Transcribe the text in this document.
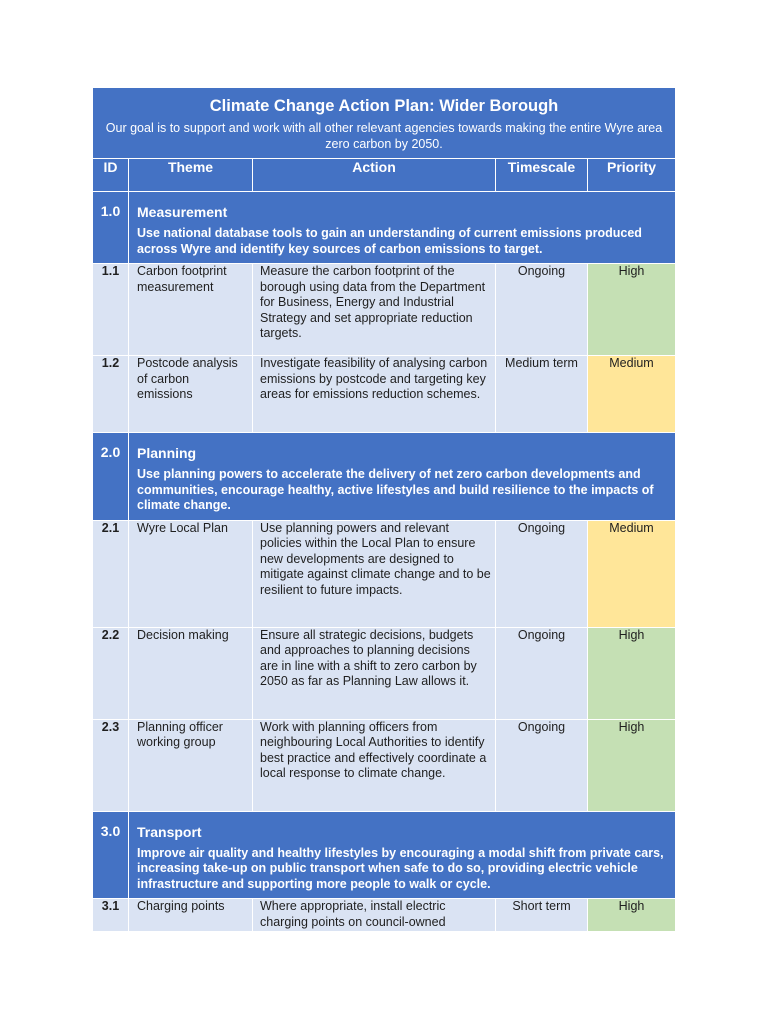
Climate Change Action Plan: Wider Borough
Our goal is to support and work with all other relevant agencies towards making the entire Wyre area zero carbon by 2050.				

ID	Theme	Action	Timescale	Priority
1.0	Measurement
Use national database tools to gain an understanding of current emissions produced across Wyre and identify key sources of carbon emissions to target.			

1.1	Carbon footprint measurement	Measure the carbon footprint of the borough using data from the Department for Business, Energy and Industrial Strategy and set appropriate reduction targets.	Ongoing	High
1.2	Postcode analysis of carbon emissions	Investigate feasibility of analysing carbon emissions by postcode and targeting key areas for emissions reduction schemes.	Medium term	Medium
2.0	Planning
Use planning powers to accelerate the delivery of net zero carbon developments and communities, encourage healthy, active lifestyles and build resilience to the impacts of climate change.			

2.1	Wyre Local Plan	Use planning powers and relevant policies within the Local Plan to ensure new developments are designed to mitigate against climate change and to be resilient to future impacts.	Ongoing	Medium
2.2	Decision making	Ensure all strategic decisions, budgets and approaches to planning decisions are in line with a shift to zero carbon by 2050 as far as Planning Law allows it.	Ongoing	High
2.3	Planning officer working group	Work with planning officers from neighbouring Local Authorities to identify best practice and effectively coordinate a local response to climate change.	Ongoing	High
3.0	Transport
Improve air quality and healthy lifestyles by encouraging a modal shift from private cars, increasing take-up on public transport when safe to do so, providing electric vehicle infrastructure and supporting more people to walk or cycle.			

3.1	Charging points	Where appropriate, install electric charging points on council-owned	Short term	High
